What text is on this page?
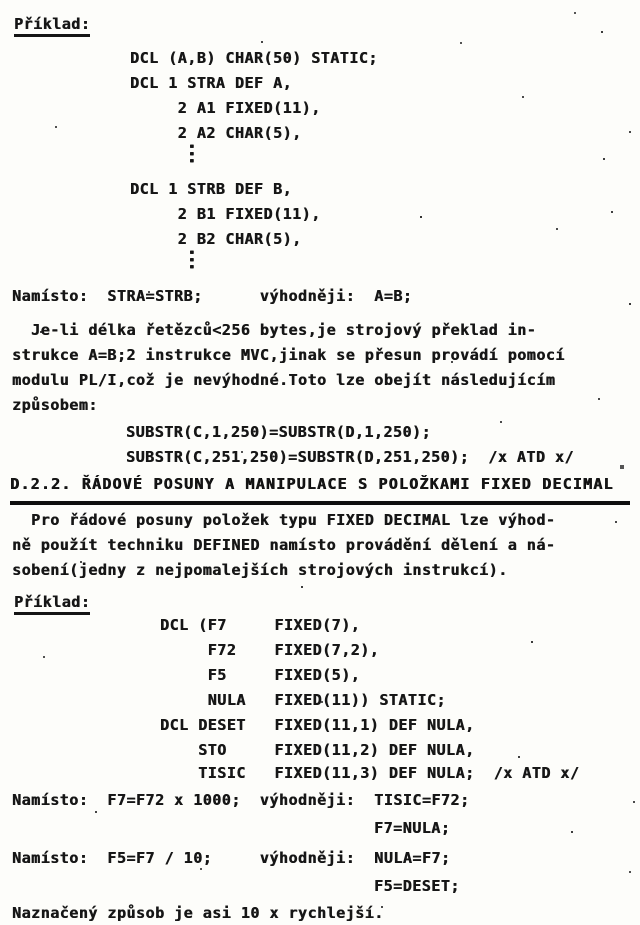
Příklad:
DCL (A,B) CHAR(50) STATIC;
DCL 1 STRA DEF A,
2 A1 FIXED(11),
2 A2 CHAR(5),
⋮
DCL 1 STRB DEF B,
2 B1 FIXED(11),
2 B2 CHAR(5),
⋮
Namísto:  STRA=STRB;      výhodněji:  A=B;
Je-li délka řetězců<256 bytes,je strojový překlad in-
strukce A=B;2 instrukce MVC,jinak se přesun provádí pomocí
modulu PL/I,což je nevýhodné.Toto lze obejít následujícím
způsobem:
SUBSTR(C,1,250)=SUBSTR(D,1,250);
SUBSTR(C,251,250)=SUBSTR(D,251,250);  /x ATD x/
D.2.2. ŘÁDOVÉ POSUNY A MANIPULACE S POLOŽKAMI FIXED DECIMAL
Pro řádové posuny položek typu FIXED DECIMAL lze výhod-
ně použít techniku DEFINED namísto provádění dělení a ná-
sobení(jedny z nejpomalejších strojových instrukcí).
Příklad:
DCL (F7     FIXED(7),
F72    FIXED(7,2),
F5     FIXED(5),
NULA   FIXED(11)) STATIC;
DCL DESET   FIXED(11,1) DEF NULA,
STO     FIXED(11,2) DEF NULA,
TISIC   FIXED(11,3) DEF NULA;  /x ATD x/
Namísto:  F7=F72 x 1000;  výhodněji:  TISIC=F72;
F7=NULA;
Namísto:  F5=F7 / 10;     výhodněji:  NULA=F7;
F5=DESET;
Naznačený způsob je asi 10 x rychlejší.
